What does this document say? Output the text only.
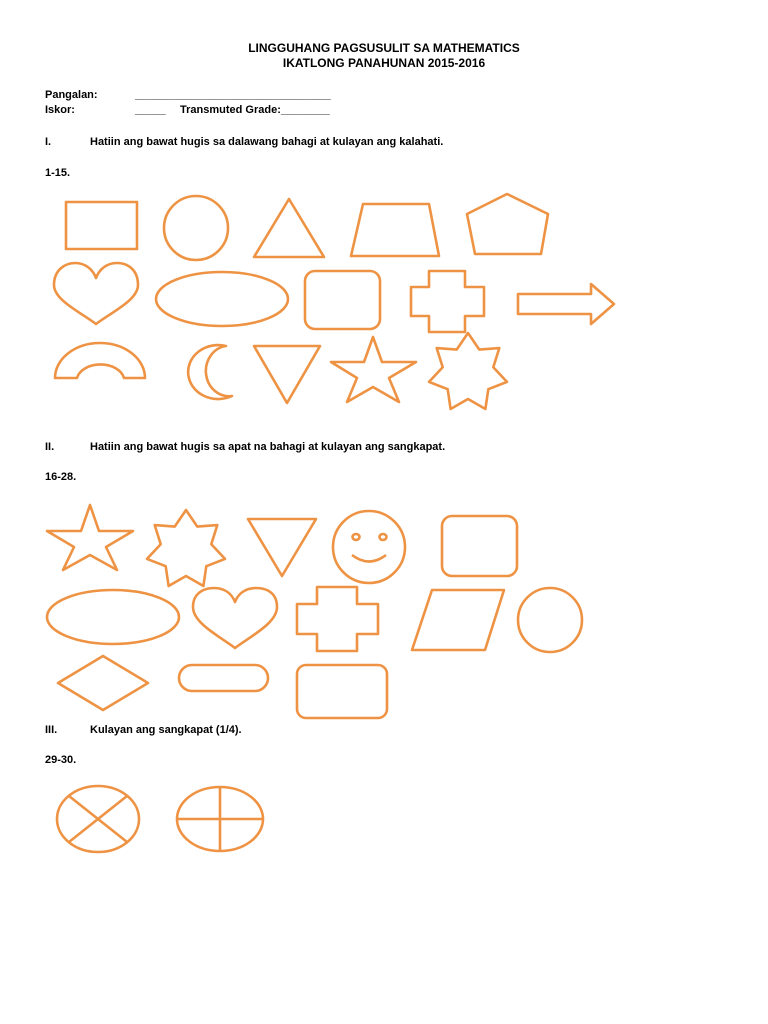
LINGGUHANG PAGSUSULIT SA MATHEMATICS
IKATLONG PANAHUNAN 2015-2016
Pangalan:	________________________________
Iskor:	_____ Transmuted Grade:________
I.	Hatiin ang bawat hugis sa dalawang bahagi at kulayan ang kalahati.
1-15.
II.	Hatiin ang bawat hugis sa apat na bahagi at kulayan ang sangkapat.
16-28.
III.	Kulayan ang sangkapat (1/4).
29-30.
